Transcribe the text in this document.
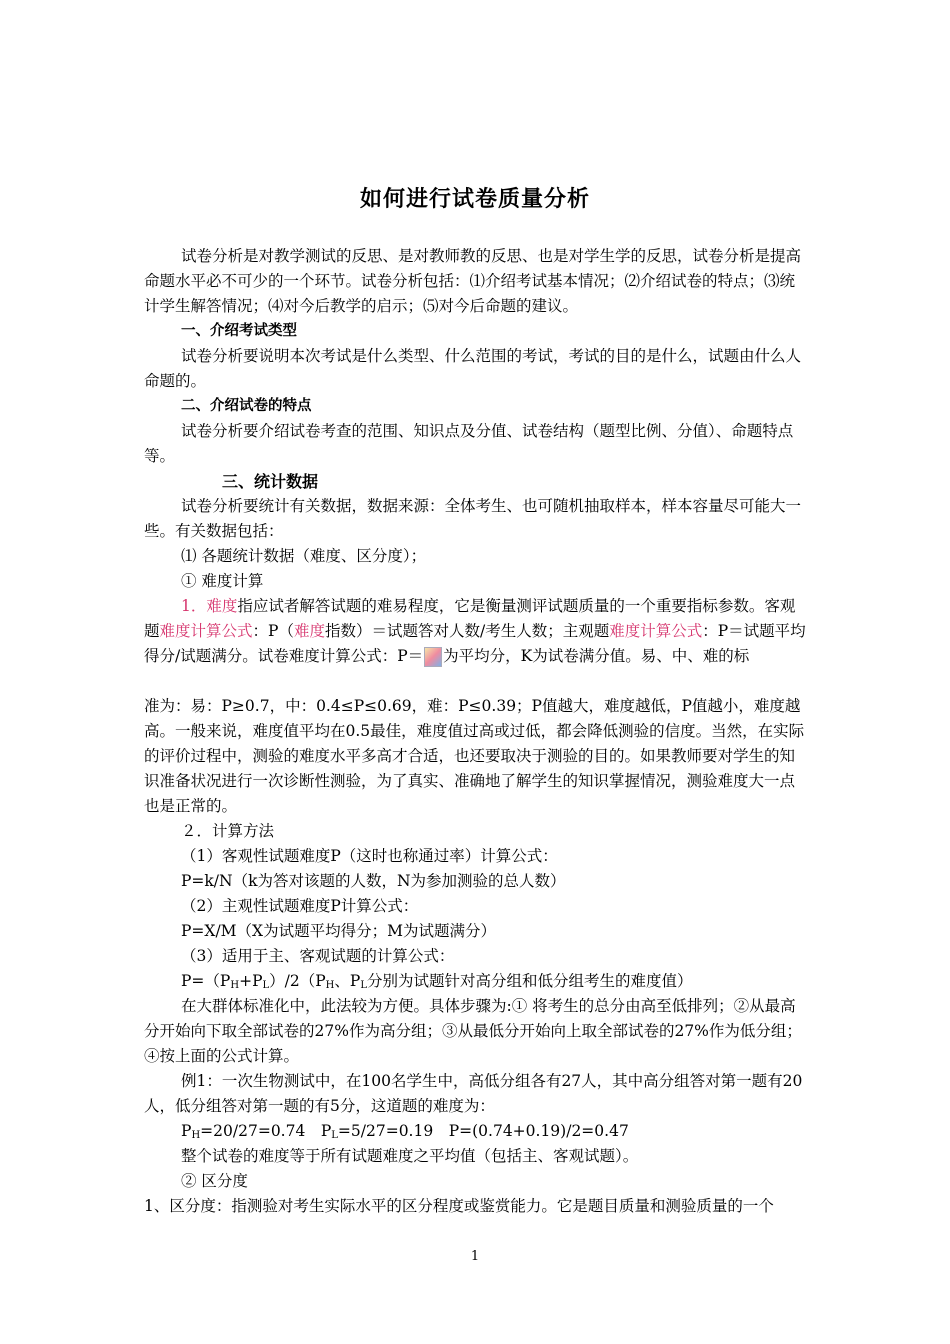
如何进行试卷质量分析

试卷分析是对教学测试的反思、是对教师教的反思、也是对学生学的反思，试卷分析是提高命题水平必不可少的一个环节。试卷分析包括：⑴介绍考试基本情况；⑵介绍试卷的特点；⑶统计学生解答情况；⑷对今后教学的启示；⑸对今后命题的建议。

一、介绍考试类型

试卷分析要说明本次考试是什么类型、什么范围的考试，考试的目的是什么，试题由什么人命题的。

二、介绍试卷的特点

试卷分析要介绍试卷考查的范围、知识点及分值、试卷结构（题型比例、分值）、命题特点等。

三、统计数据

试卷分析要统计有关数据，数据来源：全体考生、也可随机抽取样本，样本容量尽可能大一些。有关数据包括：

⑴ 各题统计数据（难度、区分度）；

① 难度计算

1．难度指应试者解答试题的难易程度，它是衡量测评试题质量的一个重要指标参数。客观题难度计算公式：P（难度指数）＝试题答对人数/考生人数；主观题难度计算公式：P＝试题平均得分/试题满分。试卷难度计算公式：P＝ 为平均分，K为试卷满分值。易、中、难的标

准为：易：P≥0.7，中：0.4≤P≤0.69，难：P≤0.39；P值越大，难度越低，P值越小，难度越高。一般来说，难度值平均在0.5最佳，难度值过高或过低，都会降低测验的信度。当然，在实际的评价过程中，测验的难度水平多高才合适，也还要取决于测验的目的。如果教师要对学生的知识准备状况进行一次诊断性测验，为了真实、准确地了解学生的知识掌握情况，测验难度大一点也是正常的。

２．计算方法

（1）客观性试题难度P（这时也称通过率）计算公式：

P=k/N（k为答对该题的人数，N为参加测验的总人数）

（2）主观性试题难度P计算公式：

P=X/M（X为试题平均得分；M为试题满分）

（3）适用于主、客观试题的计算公式：

$P=(P_H+P_L)/2(P_H$、$P_L$分别为试题针对高分组和低分组考生的难度值）

在大群体标准化中，此法较为方便。具体步骤为:① 将考生的总分由高至低排列；②从最高分开始向下取全部试卷的27%作为高分组；③从最低分开始向上取全部试卷的27%作为低分组；④按上面的公式计算。

例1：一次生物测试中，在100名学生中，高低分组各有27人，其中高分组答对第一题有20人，低分组答对第一题的有5分，这道题的难度为：

$P_H=20/27=0.74$　$P_L=5/27=0.19$　P=(0.74+0.19)/2=0.47

整个试卷的难度等于所有试题难度之平均值（包括主、客观试题）。

② 区分度

1、区分度：指测验对考生实际水平的区分程度或鉴赏能力。它是题目质量和测验质量的一个

1
